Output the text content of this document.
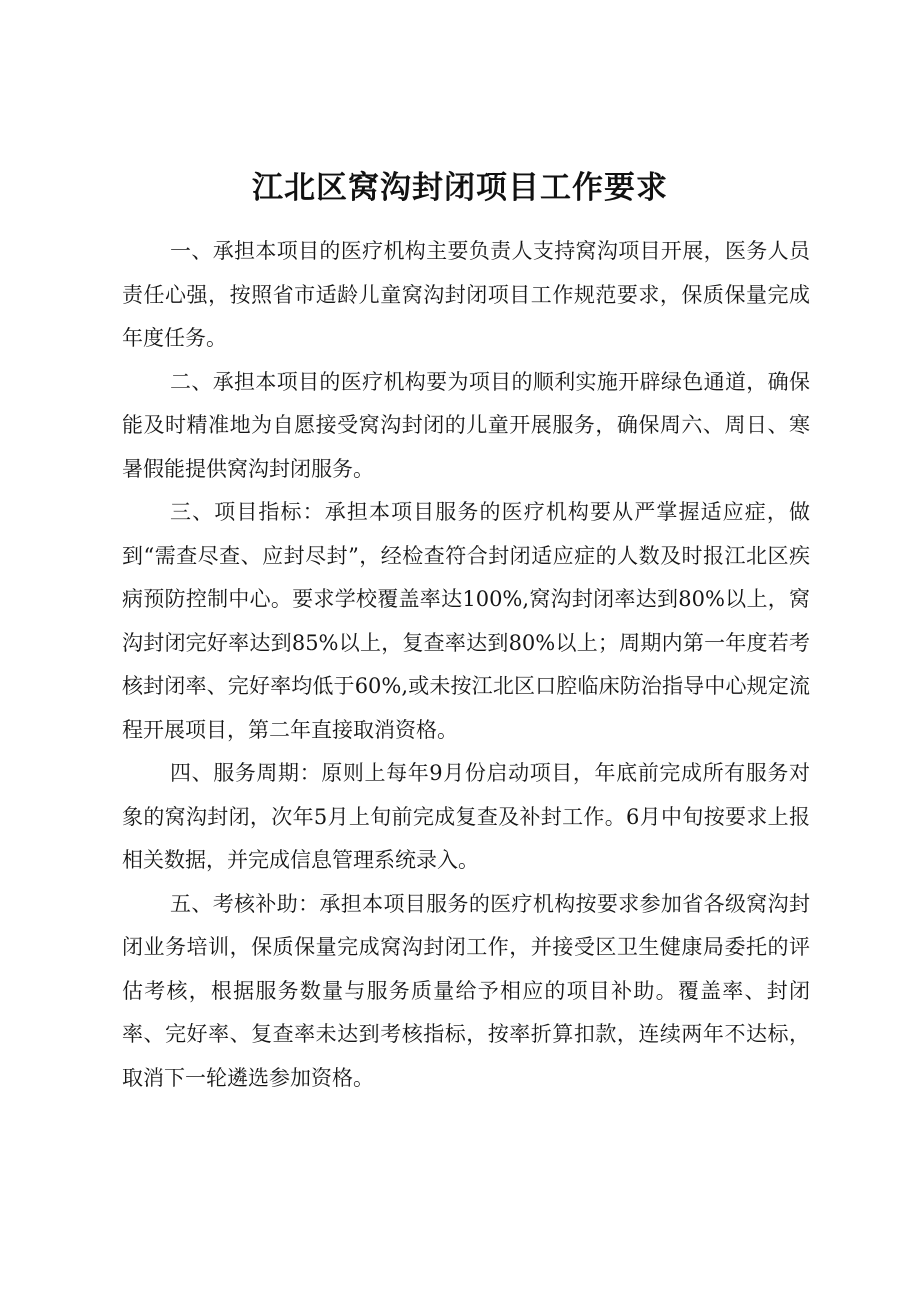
江北区窝沟封闭项目工作要求

一、承担本项目的医疗机构主要负责人支持窝沟项目开展，医务人员责任心强，按照省市适龄儿童窝沟封闭项目工作规范要求，保质保量完成年度任务。

二、承担本项目的医疗机构要为项目的顺利实施开辟绿色通道，确保能及时精准地为自愿接受窝沟封闭的儿童开展服务，确保周六、周日、寒暑假能提供窝沟封闭服务。

三、项目指标：承担本项目服务的医疗机构要从严掌握适应症，做到“需查尽查、应封尽封”，经检查符合封闭适应症的人数及时报江北区疾病预防控制中心。要求学校覆盖率达100%,窝沟封闭率达到80%以上，窝沟封闭完好率达到85%以上，复查率达到80%以上；周期内第一年度若考核封闭率、完好率均低于60%,或未按江北区口腔临床防治指导中心规定流程开展项目，第二年直接取消资格。

四、服务周期：原则上每年9月份启动项目，年底前完成所有服务对象的窝沟封闭，次年5月上旬前完成复查及补封工作。6月中旬按要求上报相关数据，并完成信息管理系统录入。

五、考核补助：承担本项目服务的医疗机构按要求参加省各级窝沟封闭业务培训，保质保量完成窝沟封闭工作，并接受区卫生健康局委托的评估考核，根据服务数量与服务质量给予相应的项目补助。覆盖率、封闭率、完好率、复查率未达到考核指标，按率折算扣款，连续两年不达标，取消下一轮遴选参加资格。
